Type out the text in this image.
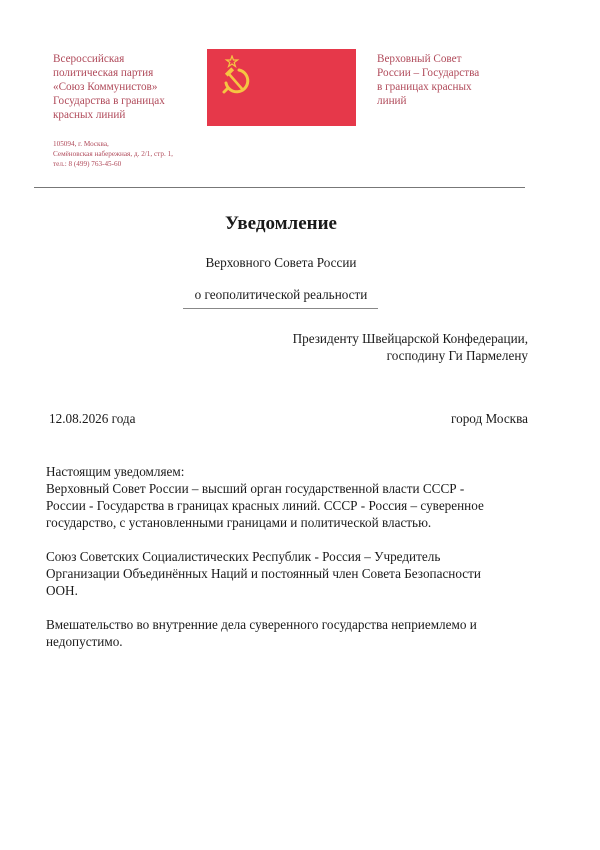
Всероссийская
политическая партия
«Союз Коммунистов»
Государства в границах
красных линий
105094, г. Москва,
Семёновская набережная, д. 2/1, стр. 1,
тел.: 8 (499) 763-45-60
Верховный Совет
России – Государства
в границах красных
линий
Уведомление
Верховного Совета России
о геополитической реальности
Президенту Швейцарской Конфедерации,
господину Ги Пармелену
12.08.2026 года	город Москва
Настоящим уведомляем:
Верховный Совет России – высший орган государственной власти СССР -
России - Государства в границах красных линий. СССР - Россия – суверенное
государство, с установленными границами и политической властью.
Союз Советских Социалистических Республик - Россия – Учредитель
Организации Объединённых Наций и постоянный член Совета Безопасности
ООН.
Вмешательство во внутренние дела суверенного государства неприемлемо и
недопустимо.
